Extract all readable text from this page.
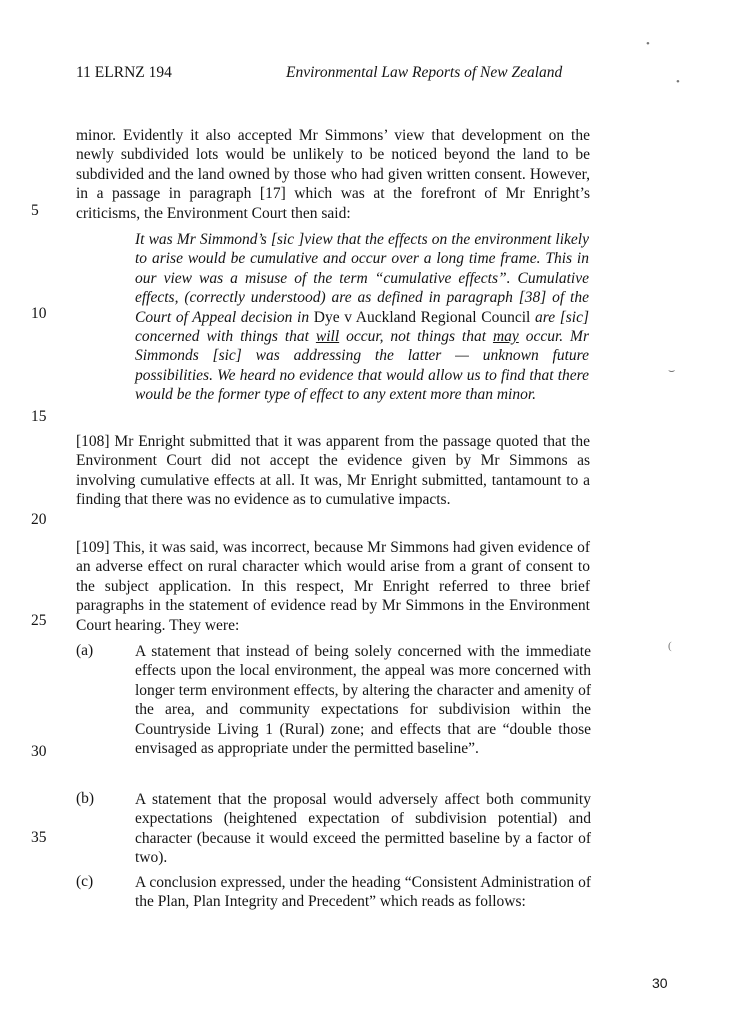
11 ELRNZ 194	Environmental Law Reports of New Zealand
5
10
15
20
25
30
35
minor. Evidently it also accepted Mr Simmons’ view that development on the newly subdivided lots would be unlikely to be noticed beyond the land to be subdivided and the land owned by those who had given written consent. However, in a passage in paragraph [17] which was at the forefront of Mr Enright’s criticisms, the Environment Court then said:
It was Mr Simmond’s [sic ]view that the effects on the environment likely to arise would be cumulative and occur over a long time frame. This in our view was a misuse of the term “cumulative effects”. Cumulative effects, (correctly understood) are as defined in paragraph [38] of the Court of Appeal decision in Dye v Auckland Regional Council are [sic] concerned with things that will occur, not things that may occur. Mr Simmonds [sic] was addressing the latter — unknown future possibilities. We heard no evidence that would allow us to find that there would be the former type of effect to any extent more than minor.
[108] Mr Enright submitted that it was apparent from the passage quoted that the Environment Court did not accept the evidence given by Mr Simmons as involving cumulative effects at all. It was, Mr Enright submitted, tantamount to a finding that there was no evidence as to cumulative impacts.
[109] This, it was said, was incorrect, because Mr Simmons had given evidence of an adverse effect on rural character which would arise from a grant of consent to the subject application. In this respect, Mr Enright referred to three brief paragraphs in the statement of evidence read by Mr Simmons in the Environment Court hearing. They were:
(a)	A statement that instead of being solely concerned with the immediate effects upon the local environment, the appeal was more concerned with longer term environment effects, by altering the character and amenity of the area, and community expectations for subdivision within the Countryside Living 1 (Rural) zone; and effects that are “double those envisaged as appropriate under the permitted baseline”.
(b)	A statement that the proposal would adversely affect both community expectations (heightened expectation of subdivision potential) and character (because it would exceed the permitted baseline by a factor of two).
(c)	A conclusion expressed, under the heading “Consistent Administration of the Plan, Plan Integrity and Precedent” which reads as follows:
30
•
•
⌣
(
